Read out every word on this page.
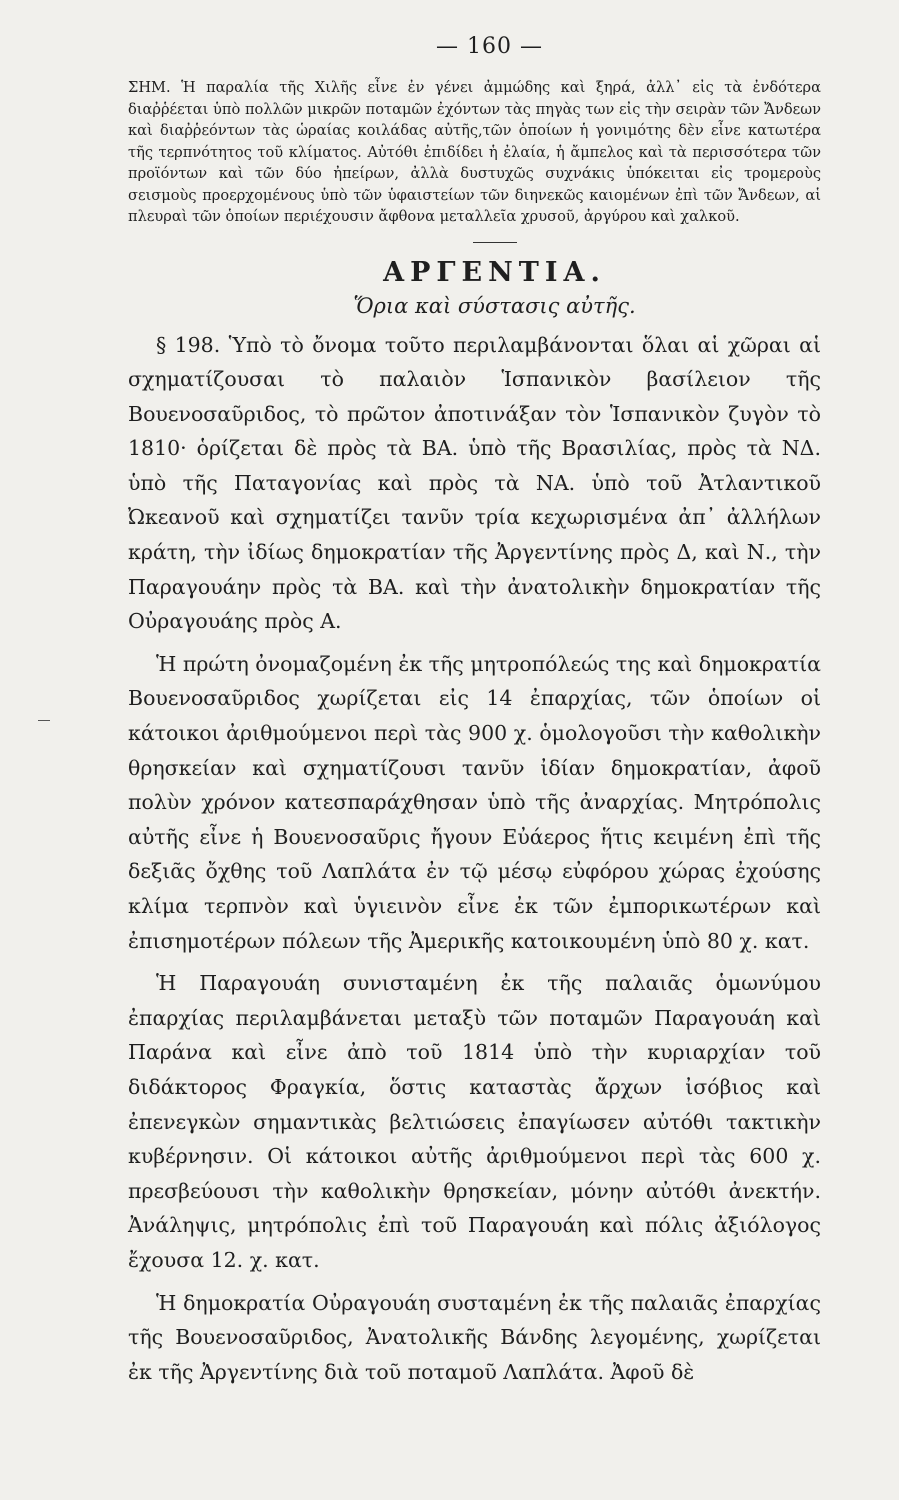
— 160 —

ΣΗΜ. Ἡ παραλία τῆς Χιλῆς εἶνε ἐν γένει ἀμμώδης καὶ ξηρά, ἀλλ᾽ εἰς τὰ ἐνδότερα διαῤῥέεται ὑπὸ πολλῶν μικρῶν ποταμῶν ἐχόντων τὰς πηγὰς των εἰς τὴν σειρὰν τῶν Ἄνδεων καὶ διαῤῥεόντων τὰς ὡραίας κοιλάδας αὐτῆς,τῶν ὁποίων ἡ γονιμότης δὲν εἶνε κατωτέρα τῆς τερπνότητος τοῦ κλίματος. Αὐτόθι ἐπιδίδει ἡ ἐλαία, ἡ ἄμπελος καὶ τὰ περισσότερα τῶν προϊόντων καὶ τῶν δύο ἠπείρων, ἀλλὰ δυστυχῶς συχνάκις ὑπόκειται εἰς τρομεροὺς σεισμοὺς προερχομένους ὑπὸ τῶν ὑφαιστείων τῶν διηνεκῶς καιομένων ἐπὶ τῶν Ἄνδεων, αἱ πλευραὶ τῶν ὁποίων περιέχουσιν ἄφθονα μεταλλεῖα χρυσοῦ, ἀργύρου καὶ χαλκοῦ.

ΑΡΓΕΝΤΙΑ.
Ὅρια καὶ σύστασις αὐτῆς.

§ 198. Ὑπὸ τὸ ὄνομα τοῦτο περιλαμβάνονται ὅλαι αἱ χῶραι αἱ σχηματίζουσαι τὸ παλαιὸν Ἱσπανικὸν βασίλειον τῆς Βουενοσαῦριδος, τὸ πρῶτον ἀποτινάξαν τὸν Ἱσπανικὸν ζυγὸν τὸ 1810· ὁρίζεται δὲ πρὸς τὰ ΒΑ. ὑπὸ τῆς Βρασιλίας, πρὸς τὰ ΝΔ. ὑπὸ τῆς Παταγονίας καὶ πρὸς τὰ ΝΑ. ὑπὸ τοῦ Ἀτλαντικοῦ Ὠκεανοῦ καὶ σχηματίζει τανῦν τρία κεχωρισμένα ἀπ᾽ ἀλλήλων κράτη, τὴν ἰδίως δημοκρατίαν τῆς Ἀργεντίνης πρὸς Δ, καὶ Ν., τὴν Παραγουάην πρὸς τὰ ΒΑ. καὶ τὴν ἀνατολικὴν δημοκρατίαν τῆς Οὐραγουάης πρὸς Α.

Ἡ πρώτη ὀνομαζομένη ἐκ τῆς μητροπόλεώς της καὶ δημοκρατία Βουενοσαῦριδος χωρίζεται εἰς 14 ἐπαρχίας, τῶν ὁποίων οἱ κάτοικοι ἀριθμούμενοι περὶ τὰς 900 χ. ὁμολογοῦσι τὴν καθολικὴν θρησκείαν καὶ σχηματίζουσι τανῦν ἰδίαν δημοκρατίαν, ἀφοῦ πολὺν χρόνον κατεσπαράχθησαν ὑπὸ τῆς ἀναρχίας. Μητρόπολις αὐτῆς εἶνε ἡ Βουενοσαῦρις ἤγουν Εὐάερος ἥτις κειμένη ἐπὶ τῆς δεξιᾶς ὄχθης τοῦ Λαπλάτα ἐν τῷ μέσῳ εὐφόρου χώρας ἐχούσης κλίμα τερπνὸν καὶ ὑγιεινὸν εἶνε ἐκ τῶν ἐμπορικωτέρων καὶ ἐπισημοτέρων πόλεων τῆς Ἀμερικῆς κατοικουμένη ὑπὸ 80 χ. κατ.

Ἡ Παραγουάη συνισταμένη ἐκ τῆς παλαιᾶς ὁμωνύμου ἐπαρχίας περιλαμβάνεται μεταξὺ τῶν ποταμῶν Παραγουάη καὶ Παράνα καὶ εἶνε ἀπὸ τοῦ 1814 ὑπὸ τὴν κυριαρχίαν τοῦ διδάκτορος Φραγκία, ὅστις καταστὰς ἄρχων ἰσόβιος καὶ ἐπενεγκὼν σημαντικὰς βελτιώσεις ἐπαγίωσεν αὐτόθι τακτικὴν κυβέρνησιν. Οἱ κάτοικοι αὐτῆς ἀριθμούμενοι περὶ τὰς 600 χ. πρεσβεύουσι τὴν καθολικὴν θρησκείαν, μόνην αὐτόθι ἀνεκτήν. Ἀνάληψις, μητρόπολις ἐπὶ τοῦ Παραγουάη καὶ πόλις ἀξιόλογος ἔχουσα 12. χ. κατ.

Ἡ δημοκρατία Οὐραγουάη συσταμένη ἐκ τῆς παλαιᾶς ἐπαρχίας τῆς Βουενοσαῦριδος, Ἀνατολικῆς Βάνδης λεγομένης, χωρίζεται ἐκ τῆς Ἀργεντίνης διὰ τοῦ ποταμοῦ Λαπλάτα. Ἀφοῦ δὲ
